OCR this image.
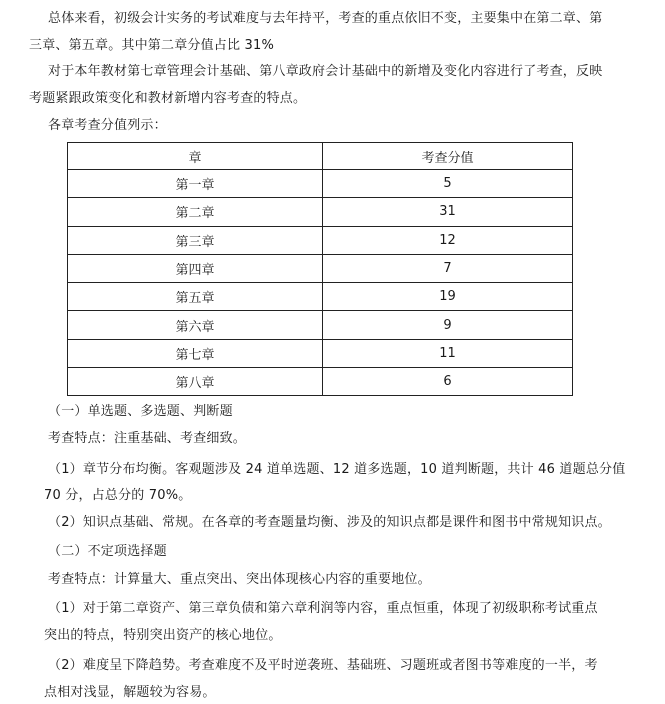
总体来看，初级会计实务的考试难度与去年持平，考查的重点依旧不变，主要集中在第二章、第
三章、第五章。其中第二章分值占比 31%
对于本年教材第七章管理会计基础、第八章政府会计基础中的新增及变化内容进行了考查，反映
考题紧跟政策变化和教材新增内容考查的特点。
各章考查分值列示：
章	考查分值
第一章	5
第二章	31
第三章	12
第四章	7
第五章	19
第六章	9
第七章	11
第八章	6
（一）单选题、多选题、判断题
考查特点：注重基础、考查细致。
（1）章节分布均衡。客观题涉及 24 道单选题、12 道多选题，10 道判断题，共计 46 道题总分值
70 分，占总分的 70%。
（2）知识点基础、常规。在各章的考查题量均衡、涉及的知识点都是课件和图书中常规知识点。
（二）不定项选择题
考查特点：计算量大、重点突出、突出体现核心内容的重要地位。
（1）对于第二章资产、第三章负债和第六章利润等内容，重点恒重，体现了初级职称考试重点
突出的特点，特别突出资产的核心地位。
（2）难度呈下降趋势。考查难度不及平时逆袭班、基础班、习题班或者图书等难度的一半，考
点相对浅显，解题较为容易。
